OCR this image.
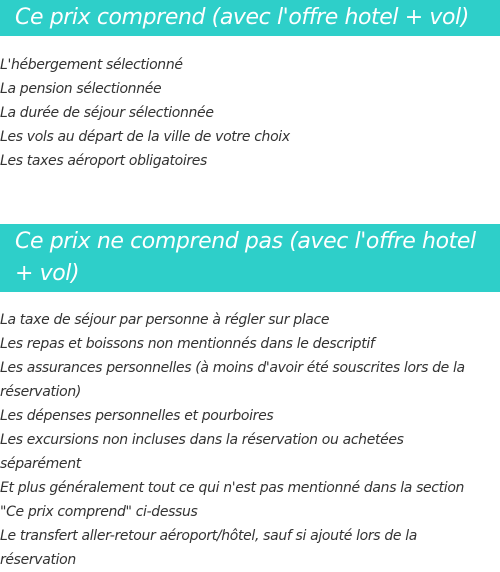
Ce prix comprend (avec l'offre hotel + vol)
L'hébergement sélectionné
La pension sélectionnée
La durée de séjour sélectionnée
Les vols au départ de la ville de votre choix
Les taxes aéroport obligatoires
Ce prix ne comprend pas (avec l'offre hotel + vol)
La taxe de séjour par personne à régler sur place
Les repas et boissons non mentionnés dans le descriptif
Les assurances personnelles (à moins d'avoir été souscrites lors de la réservation)
Les dépenses personnelles et pourboires
Les excursions non incluses dans la réservation ou achetées séparément
Et plus généralement tout ce qui n'est pas mentionné dans la section "Ce prix comprend" ci-dessus
Le transfert aller-retour aéroport/hôtel, sauf si ajouté lors de la réservation
